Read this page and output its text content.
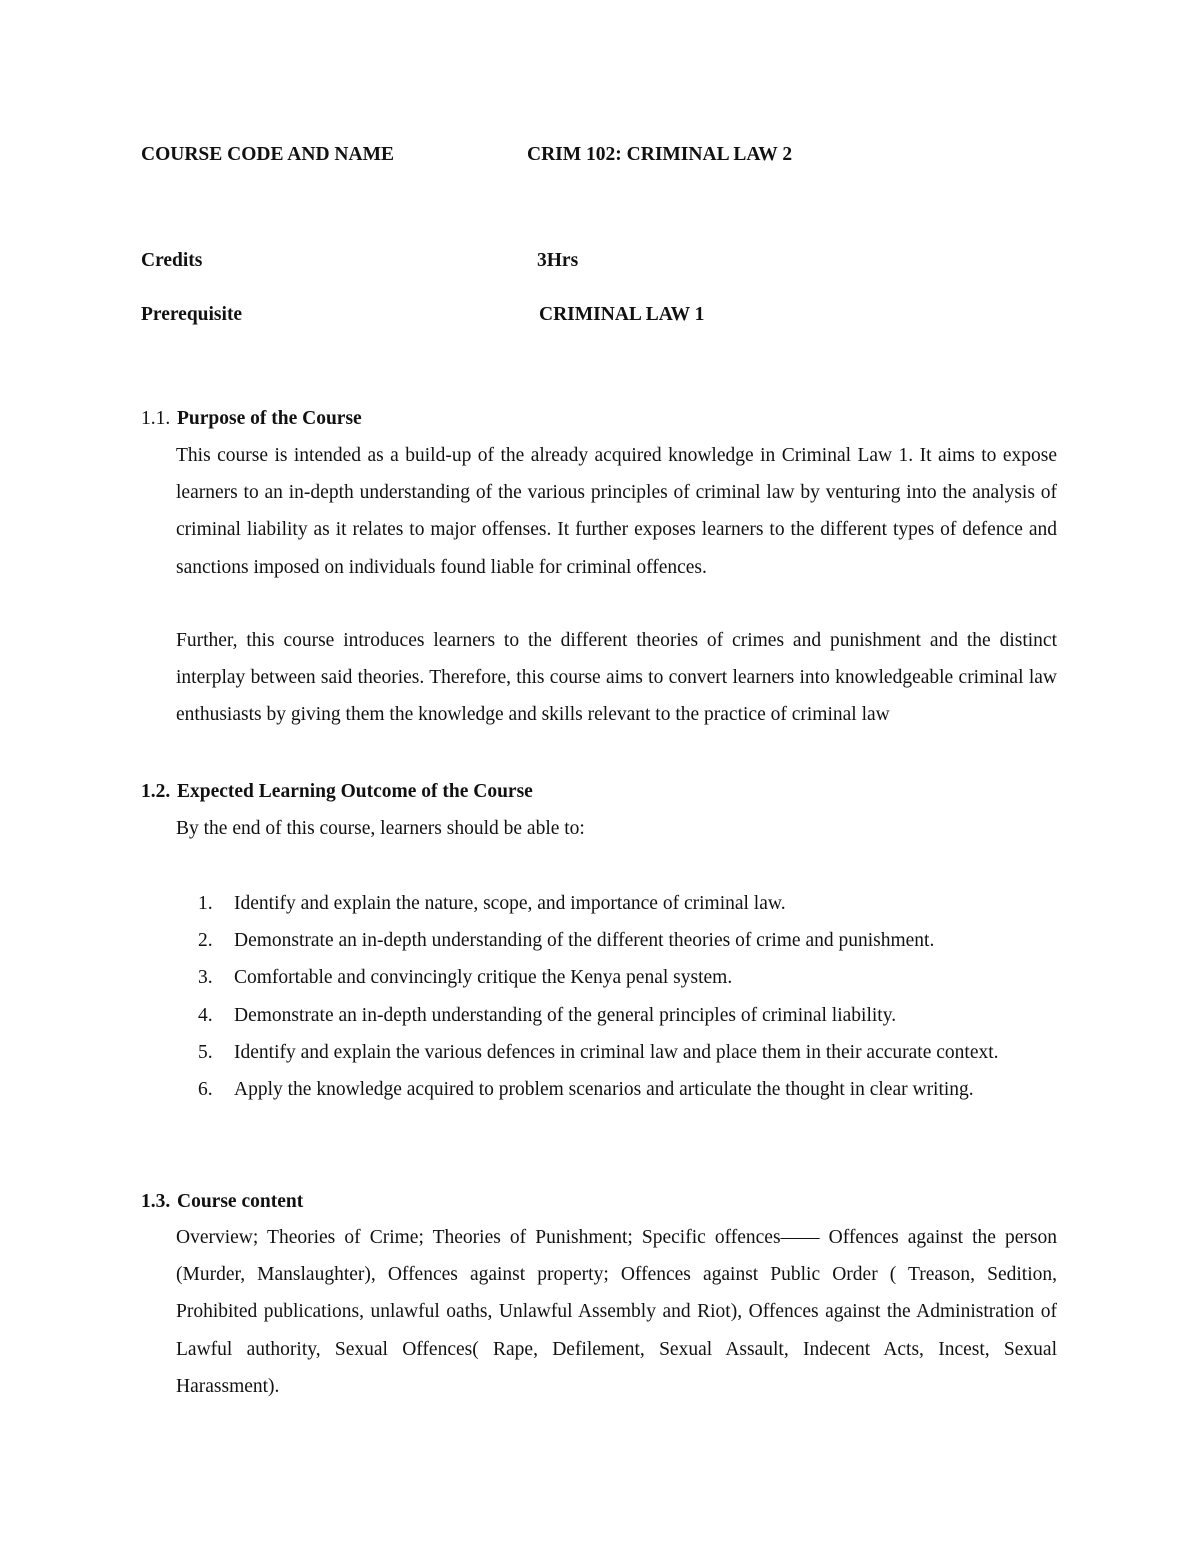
COURSE CODE AND NAME	CRIM 102: CRIMINAL LAW 2
Credits	3Hrs
Prerequisite	CRIMINAL LAW 1
1.1. Purpose of the Course

This course is intended as a build-up of the already acquired knowledge in Criminal Law 1. It aims to expose learners to an in-depth understanding of the various principles of criminal law by venturing into the analysis of criminal liability as it relates to major offenses. It further exposes learners to the different types of defence and sanctions imposed on individuals found liable for criminal offences.

Further, this course introduces learners to the different theories of crimes and punishment and the distinct interplay between said theories. Therefore, this course aims to convert learners into knowledgeable criminal law enthusiasts by giving them the knowledge and skills relevant to the practice of criminal law

1.2. Expected Learning Outcome of the Course
By the end of this course, learners should be able to:
1. Identify and explain the nature, scope, and importance of criminal law.
2. Demonstrate an in-depth understanding of the different theories of crime and punishment.
3. Comfortable and convincingly critique the Kenya penal system.
4. Demonstrate an in-depth understanding of the general principles of criminal liability.
5. Identify and explain the various defences in criminal law and place them in their accurate context.
6. Apply the knowledge acquired to problem scenarios and articulate the thought in clear writing.
1.3. Course content

Overview; Theories of Crime; Theories of Punishment; Specific offences—— Offences against the person (Murder, Manslaughter), Offences against property; Offences against Public Order ( Treason, Sedition, Prohibited publications, unlawful oaths, Unlawful Assembly and Riot), Offences against the Administration of Lawful authority, Sexual Offences( Rape, Defilement, Sexual Assault, Indecent Acts, Incest, Sexual Harassment).
